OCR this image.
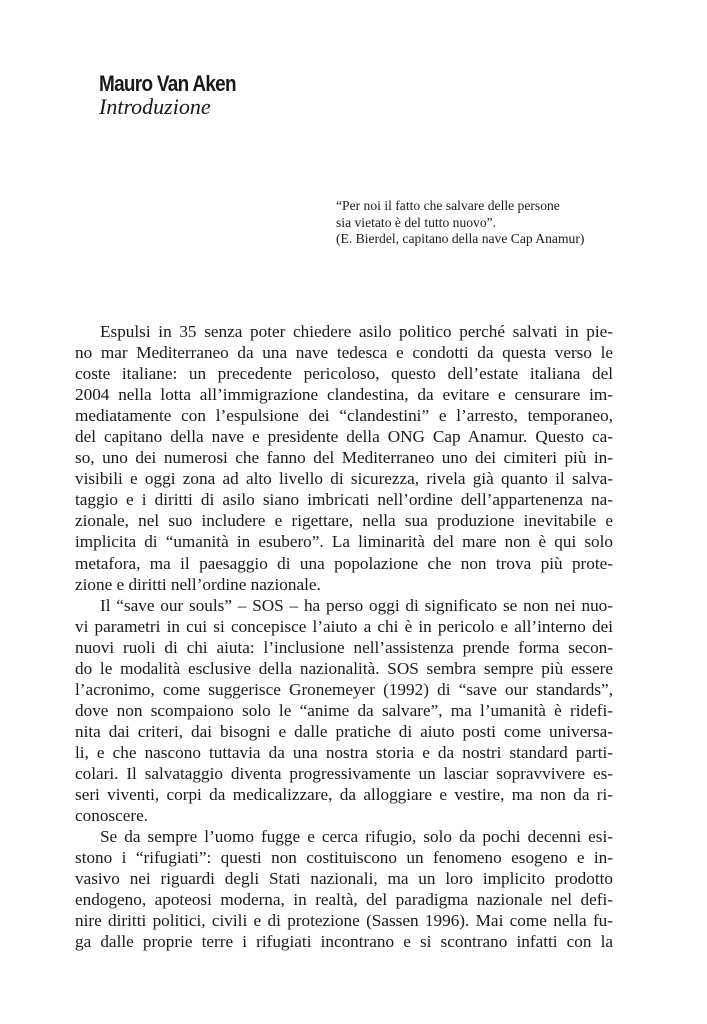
Mauro Van Aken
Introduzione
“Per noi il fatto che salvare delle persone
sia vietato è del tutto nuovo”.
(E. Bierdel, capitano della nave Cap Anamur)
Espulsi in 35 senza poter chiedere asilo politico perché salvati in pie-
no mar Mediterraneo da una nave tedesca e condotti da questa verso le
coste italiane: un precedente pericoloso, questo dell’estate italiana del
2004 nella lotta all’immigrazione clandestina, da evitare e censurare im-
mediatamente con l’espulsione dei “clandestini” e l’arresto, temporaneo,
del capitano della nave e presidente della ONG Cap Anamur. Questo ca-
so, uno dei numerosi che fanno del Mediterraneo uno dei cimiteri più in-
visibili e oggi zona ad alto livello di sicurezza, rivela già quanto il salva-
taggio e i diritti di asilo siano imbricati nell’ordine dell’appartenenza na-
zionale, nel suo includere e rigettare, nella sua produzione inevitabile e
implicita di “umanità in esubero”. La liminarità del mare non è qui solo
metafora, ma il paesaggio di una popolazione che non trova più prote-
zione e diritti nell’ordine nazionale.
Il “save our souls” – SOS – ha perso oggi di significato se non nei nuo-
vi parametri in cui si concepisce l’aiuto a chi è in pericolo e all’interno dei
nuovi ruoli di chi aiuta: l’inclusione nell’assistenza prende forma secon-
do le modalità esclusive della nazionalità. SOS sembra sempre più essere
l’acronimo, come suggerisce Gronemeyer (1992) di “save our standards”,
dove non scompaiono solo le “anime da salvare”, ma l’umanità è ridefi-
nita dai criteri, dai bisogni e dalle pratiche di aiuto posti come universa-
li, e che nascono tuttavia da una nostra storia e da nostri standard parti-
colari. Il salvataggio diventa progressivamente un lasciar sopravvivere es-
seri viventi, corpi da medicalizzare, da alloggiare e vestire, ma non da ri-
conoscere.
Se da sempre l’uomo fugge e cerca rifugio, solo da pochi decenni esi-
stono i “rifugiati”: questi non costituiscono un fenomeno esogeno e in-
vasivo nei riguardi degli Stati nazionali, ma un loro implicito prodotto
endogeno, apoteosi moderna, in realtà, del paradigma nazionale nel defi-
nire diritti politici, civili e di protezione (Sassen 1996). Mai come nella fu-
ga dalle proprie terre i rifugiati incontrano e si scontrano infatti con la
